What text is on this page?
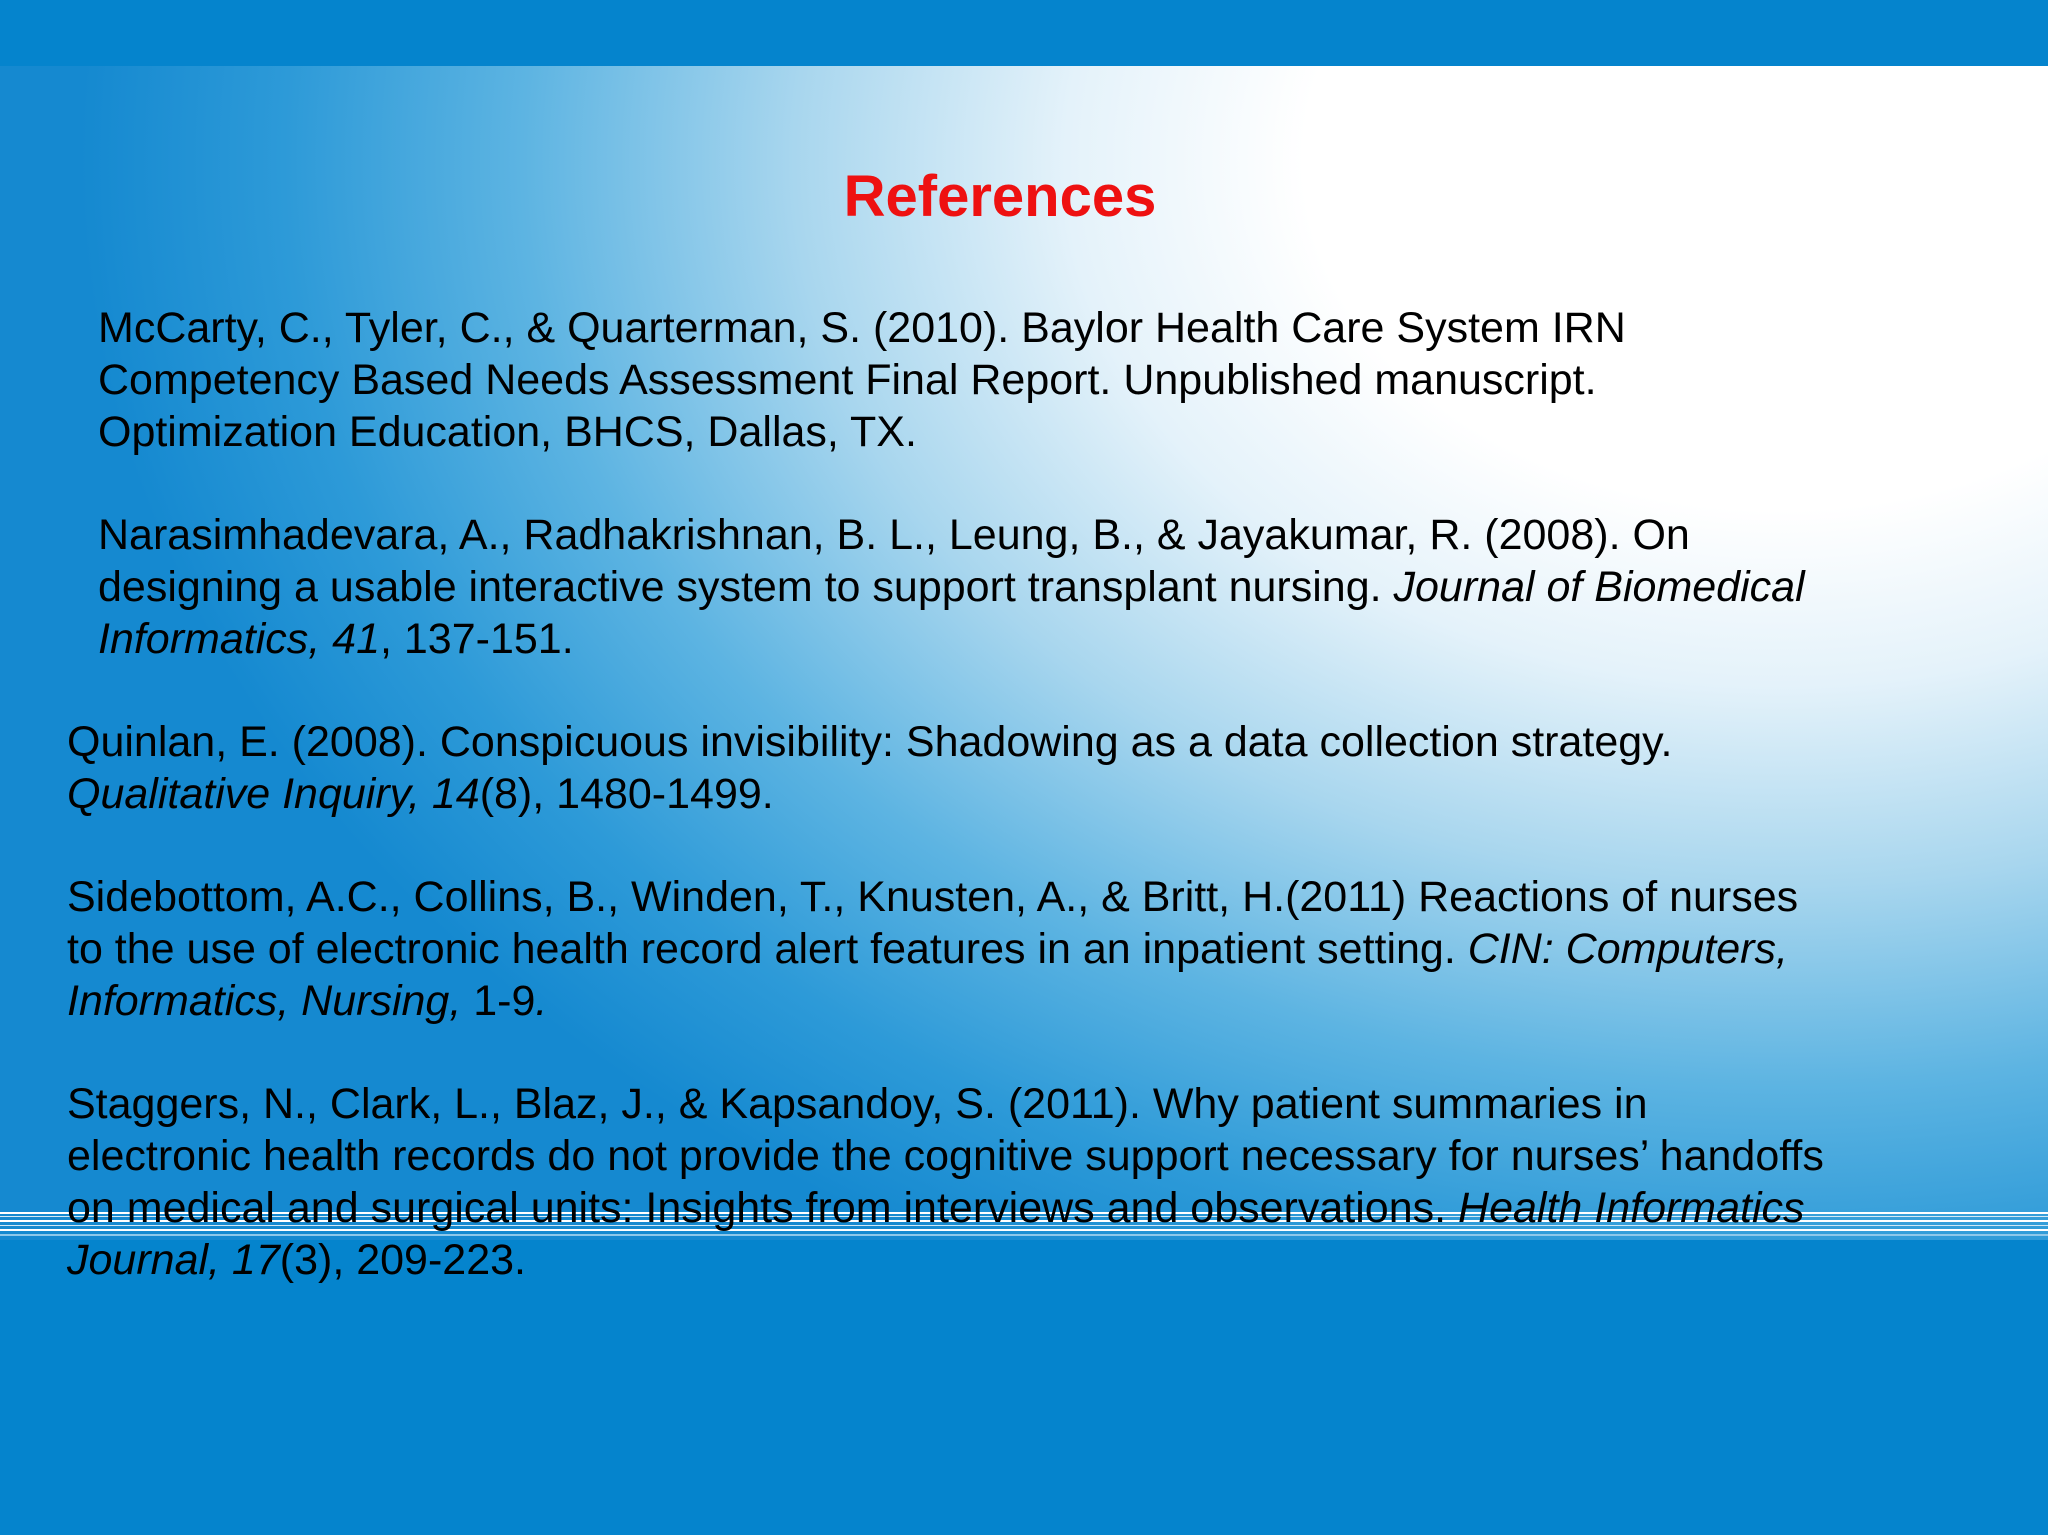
References

McCarty, C., Tyler, C., & Quarterman, S. (2010). Baylor Health Care System IRN
Competency Based Needs Assessment Final Report. Unpublished manuscript.
Optimization Education, BHCS, Dallas, TX.

Narasimhadevara, A., Radhakrishnan, B. L., Leung, B., & Jayakumar, R. (2008). On
designing a usable interactive system to support transplant nursing. Journal of Biomedical
Informatics, 41, 137-151.

Quinlan, E. (2008). Conspicuous invisibility: Shadowing as a data collection strategy.
Qualitative Inquiry, 14(8), 1480-1499.

Sidebottom, A.C., Collins, B., Winden, T., Knusten, A., & Britt, H.(2011) Reactions of nurses
to the use of electronic health record alert features in an inpatient setting. CIN: Computers,
Informatics, Nursing, 1-9.

Staggers, N., Clark, L., Blaz, J., & Kapsandoy, S. (2011). Why patient summaries in
electronic health records do not provide the cognitive support necessary for nurses’ handoffs
on medical and surgical units: Insights from interviews and observations. Health Informatics
Journal, 17(3), 209-223.
